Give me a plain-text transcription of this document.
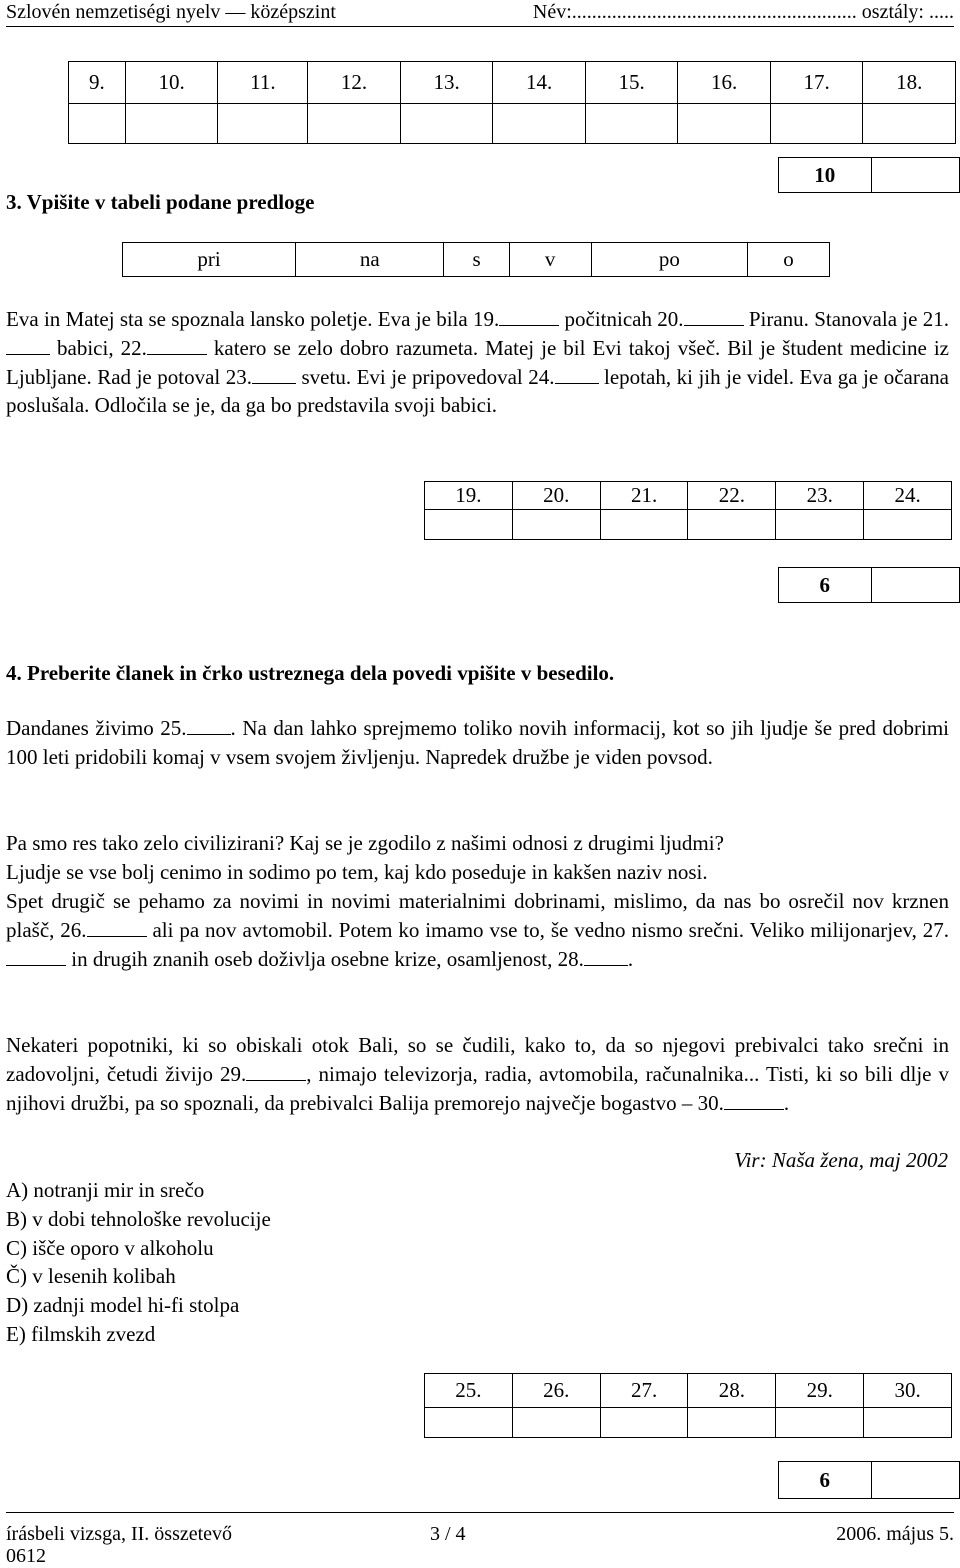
Szlovén nemzetiségi nyelv — középszint	Név:......................................................... osztály: .....
9.	10.	11.	12.	13.	14.	15.	16.	17.	18.

10	
3. Vpišite v tabeli podane predloge
pri	na	s	v	po	o
Eva in Matej sta se spoznala lansko poletje. Eva je bila 19.	počitnicah 20.	Piranu. Stanovala je 21. babici, 22.	katero se zelo dobro razumeta. Matej je bil Evi takoj všeč. Bil je študent medicine iz Ljubljane. Rad je potoval 23. svetu. Evi je pripovedoval 24. lepotah, ki jih je videl. Eva ga je očarana poslušala. Odločila se je, da ga bo predstavila svoji babici.
19.	20.	21.	22.	23.	24.

6	
4. Preberite članek in črko ustreznega dela povedi vpišite v besedilo.
Dandanes živimo 25. . Na dan lahko sprejmemo toliko novih informacij, kot so jih ljudje še pred dobrimi 100 leti pridobili komaj v vsem svojem življenju. Napredek družbe je viden povsod.
Pa smo res tako zelo civilizirani? Kaj se je zgodilo z našimi odnosi z drugimi ljudmi?
Ljudje se vse bolj cenimo in sodimo po tem, kaj kdo poseduje in kakšen naziv nosi.
Spet drugič se pehamo za novimi in novimi materialnimi dobrinami, mislimo, da nas bo osrečil nov krznen plašč, 26.	ali pa nov avtomobil. Potem ko imamo vse to, še vedno nismo srečni. Veliko milijonarjev, 27. in drugih znanih oseb doživlja osebne krize, osamljenost, 28. .
Nekateri popotniki, ki so obiskali otok Bali, so se čudili, kako to, da so njegovi prebivalci tako srečni in zadovoljni, četudi živijo 29.	, nimajo televizorja, radia, avtomobila, računalnika... Tisti, ki so bili dlje v njihovi družbi, pa so spoznali, da prebivalci Balija premorejo največje bogastvo – 30.	.
Vir: Naša žena, maj 2002
A) notranji mir in srečo
B) v dobi tehnološke revolucije
C) išče oporo v alkoholu
Č) v lesenih kolibah
D) zadnji model hi-fi stolpa
E) filmskih zvezd
25.	26.	27.	28.	29.	30.

6	
írásbeli vizsga, II. összetevő	3 / 4	2006. május 5.
0612
